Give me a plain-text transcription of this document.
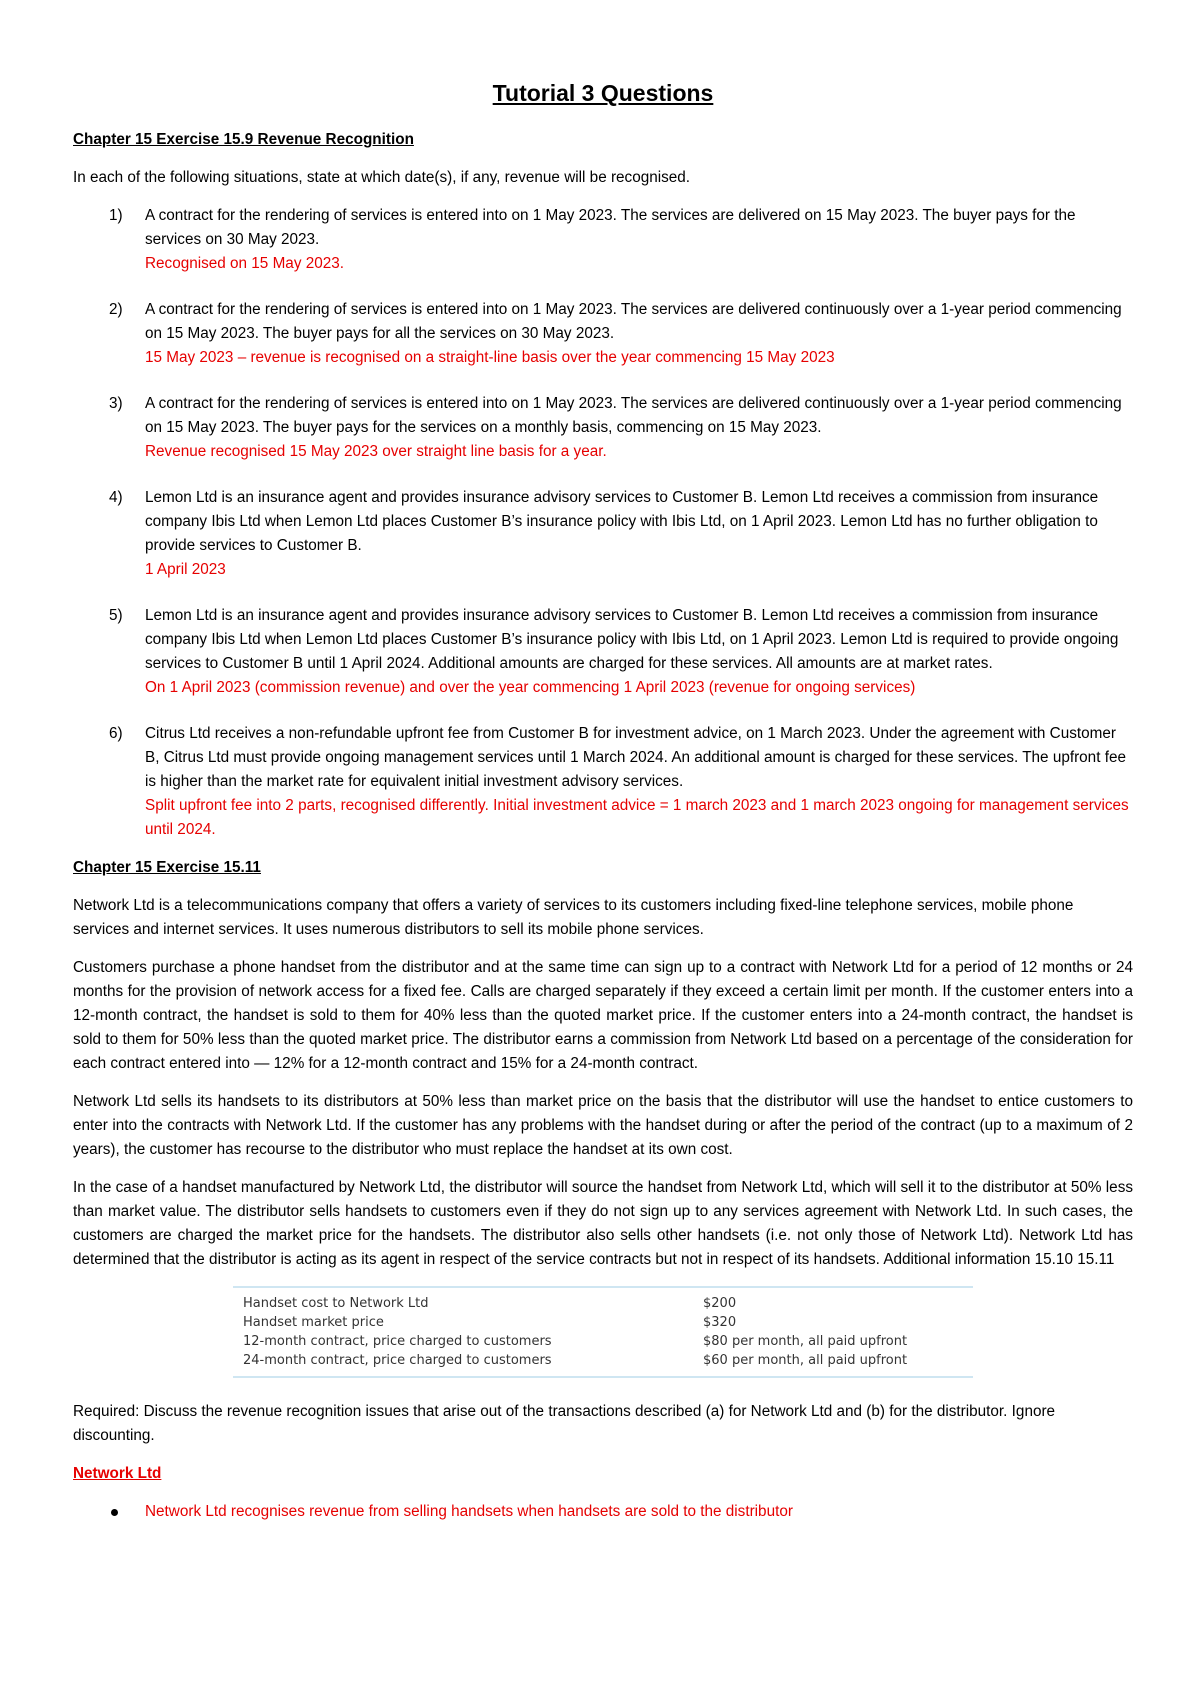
Tutorial 3 Questions
Chapter 15 Exercise 15.9 Revenue Recognition
In each of the following situations, state at which date(s), if any, revenue will be recognised.
1) A contract for the rendering of services is entered into on 1 May 2023. The services are delivered on 15 May 2023. The buyer pays for the services on 30 May 2023.
Recognised on 15 May 2023.
2) A contract for the rendering of services is entered into on 1 May 2023. The services are delivered continuously over a 1-year period commencing on 15 May 2023. The buyer pays for all the services on 30 May 2023.
15 May 2023 – revenue is recognised on a straight-line basis over the year commencing 15 May 2023
3) A contract for the rendering of services is entered into on 1 May 2023. The services are delivered continuously over a 1-year period commencing on 15 May 2023. The buyer pays for the services on a monthly basis, commencing on 15 May 2023.
Revenue recognised 15 May 2023 over straight line basis for a year.
4) Lemon Ltd is an insurance agent and provides insurance advisory services to Customer B. Lemon Ltd receives a commission from insurance company Ibis Ltd when Lemon Ltd places Customer B’s insurance policy with Ibis Ltd, on 1 April 2023. Lemon Ltd has no further obligation to provide services to Customer B.
1 April 2023
5) Lemon Ltd is an insurance agent and provides insurance advisory services to Customer B. Lemon Ltd receives a commission from insurance company Ibis Ltd when Lemon Ltd places Customer B’s insurance policy with Ibis Ltd, on 1 April 2023. Lemon Ltd is required to provide ongoing services to Customer B until 1 April 2024. Additional amounts are charged for these services. All amounts are at market rates.
On 1 April 2023 (commission revenue) and over the year commencing 1 April 2023 (revenue for ongoing services)
6) Citrus Ltd receives a non-refundable upfront fee from Customer B for investment advice, on 1 March 2023. Under the agreement with Customer B, Citrus Ltd must provide ongoing management services until 1 March 2024. An additional amount is charged for these services. The upfront fee is higher than the market rate for equivalent initial investment advisory services.
Split upfront fee into 2 parts, recognised differently. Initial investment advice = 1 march 2023 and 1 march 2023 ongoing for management services until 2024.
Chapter 15 Exercise 15.11
Network Ltd is a telecommunications company that offers a variety of services to its customers including fixed-line telephone services, mobile phone services and internet services. It uses numerous distributors to sell its mobile phone services.
Customers purchase a phone handset from the distributor and at the same time can sign up to a contract with Network Ltd for a period of 12 months or 24 months for the provision of network access for a fixed fee. Calls are charged separately if they exceed a certain limit per month. If the customer enters into a 12-month contract, the handset is sold to them for 40% less than the quoted market price. If the customer enters into a 24-month contract, the handset is sold to them for 50% less than the quoted market price. The distributor earns a commission from Network Ltd based on a percentage of the consideration for each contract entered into — 12% for a 12-month contract and 15% for a 24-month contract.
Network Ltd sells its handsets to its distributors at 50% less than market price on the basis that the distributor will use the handset to entice customers to enter into the contracts with Network Ltd. If the customer has any problems with the handset during or after the period of the contract (up to a maximum of 2 years), the customer has recourse to the distributor who must replace the handset at its own cost.
In the case of a handset manufactured by Network Ltd, the distributor will source the handset from Network Ltd, which will sell it to the distributor at 50% less than market value. The distributor sells handsets to customers even if they do not sign up to any services agreement with Network Ltd. In such cases, the customers are charged the market price for the handsets. The distributor also sells other handsets (i.e. not only those of Network Ltd). Network Ltd has determined that the distributor is acting as its agent in respect of the service contracts but not in respect of its handsets. Additional information 15.10 15.11
Handset cost to Network Ltd	$200
Handset market price	$320
12-month contract, price charged to customers	$80 per month, all paid upfront
24-month contract, price charged to customers	$60 per month, all paid upfront
Required: Discuss the revenue recognition issues that arise out of the transactions described (a) for Network Ltd and (b) for the distributor. Ignore discounting.
Network Ltd
Network Ltd recognises revenue from selling handsets when handsets are sold to the distributor
